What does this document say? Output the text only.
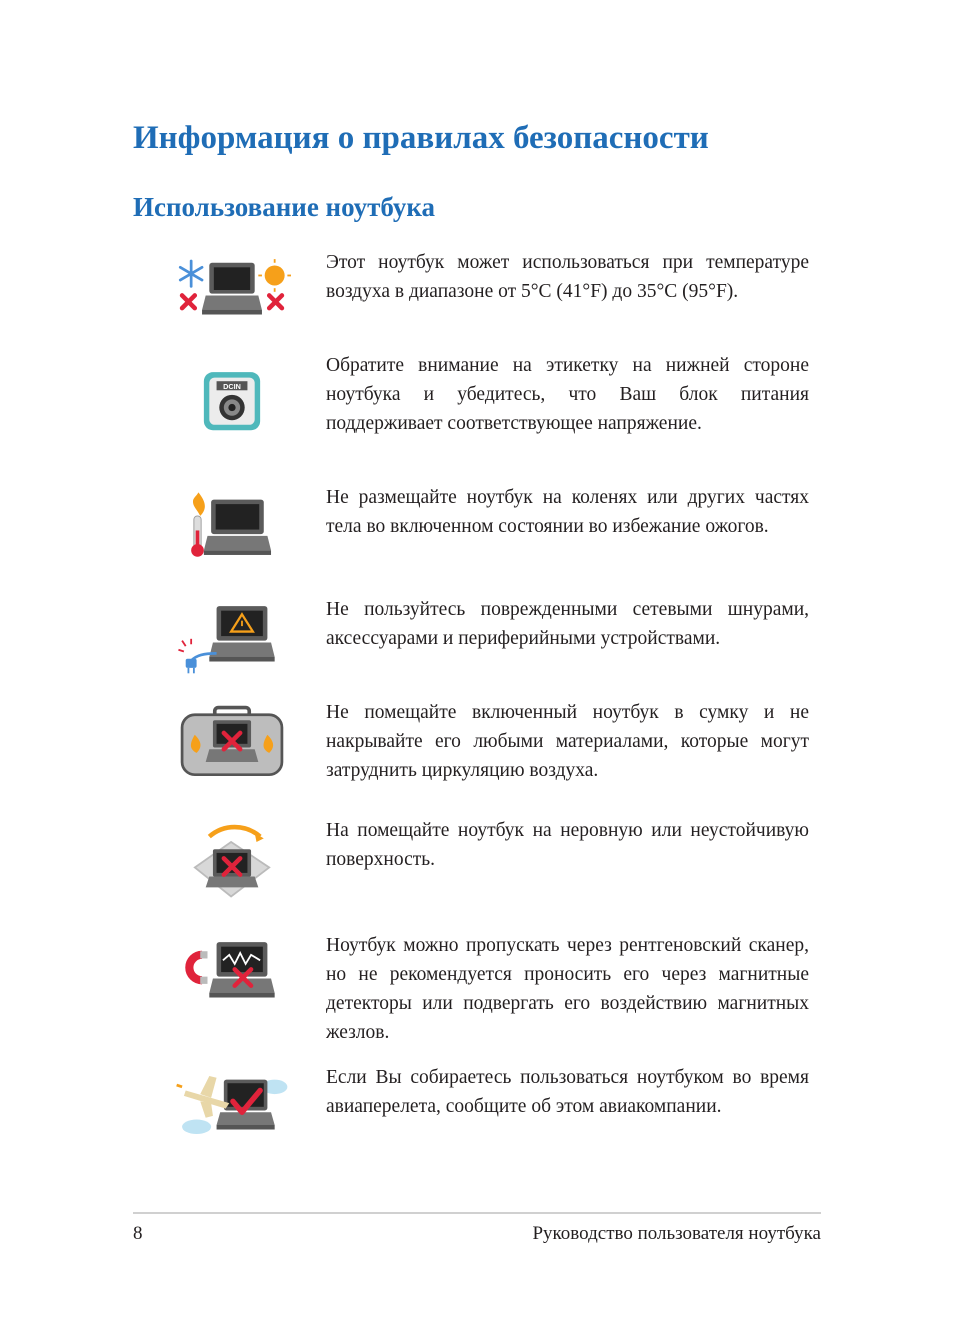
Информация о правилах безопасности
Использование ноутбука

Этот ноутбук может использоваться при температуре воздуха в диапазоне от 5°C (41°F) до 35°C (95°F).

DCIN

Обратите внимание на этикетку на нижней стороне ноутбука и убедитесь, что Ваш блок питания поддерживает соответствующее напряжение.

Не размещайте ноутбук на коленях или других частях тела во включенном состоянии во избежание ожогов.

Не пользуйтесь поврежденными сетевыми шнурами, аксессуарами и периферийными устройствами.

Не помещайте включенный ноутбук в сумку и не накрывайте его любыми материалами, которые могут затруднить циркуляцию воздуха.

На помещайте ноутбук на неровную или неустойчивую поверхность.

Ноутбук можно пропускать через рентгеновский сканер, но не рекомендуется проносить его через магнитные детекторы или подвергать его воздействию магнитных жезлов.

Если Вы собираетесь пользоваться ноутбуком во время авиаперелета, сообщите об этом авиакомпании.

8	Руководство пользователя ноутбука
